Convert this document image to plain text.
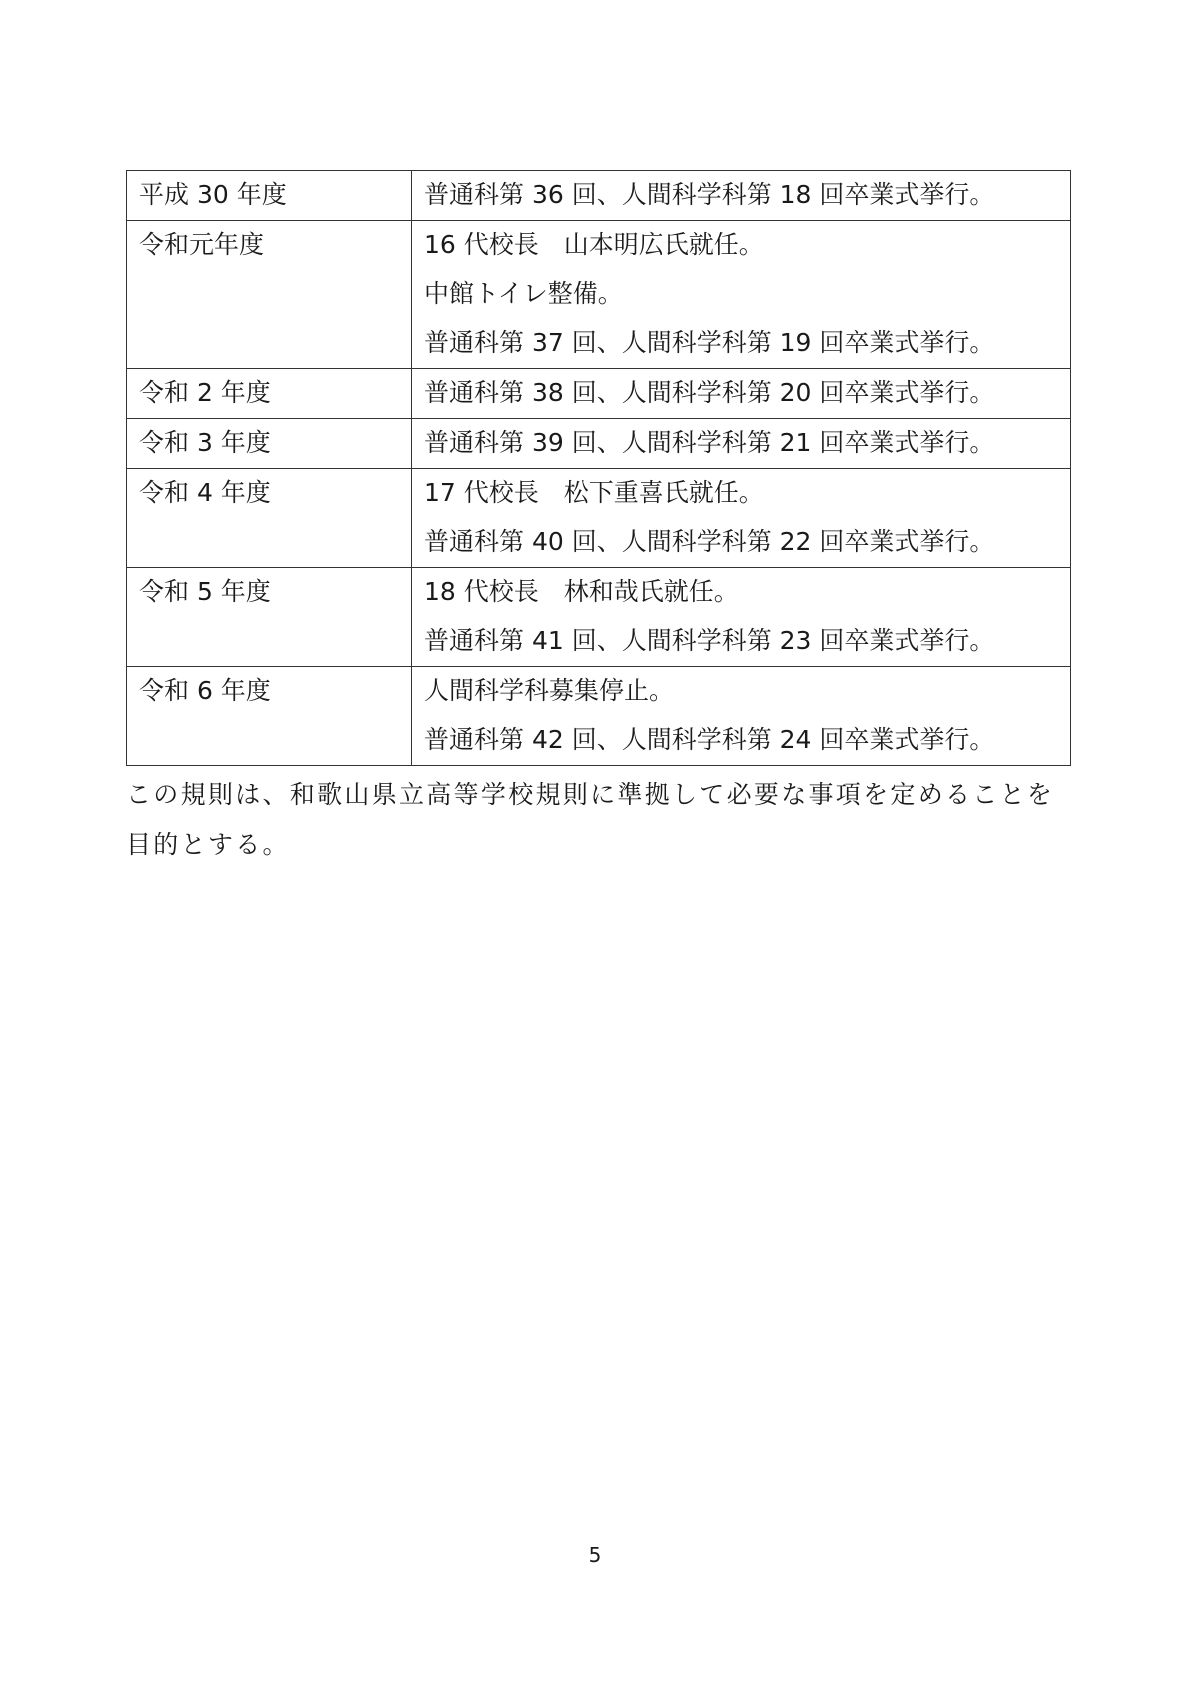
平成 30 年度	普通科第 36 回、人間科学科第 18 回卒業式挙行。

令和元年度	16 代校長　山本明広氏就任。
中館トイレ整備。
普通科第 37 回、人間科学科第 19 回卒業式挙行。

令和 2 年度	普通科第 38 回、人間科学科第 20 回卒業式挙行。

令和 3 年度	普通科第 39 回、人間科学科第 21 回卒業式挙行。

令和 4 年度	17 代校長　松下重喜氏就任。
普通科第 40 回、人間科学科第 22 回卒業式挙行。

令和 5 年度	18 代校長　林和哉氏就任。
普通科第 41 回、人間科学科第 23 回卒業式挙行。

令和 6 年度	人間科学科募集停止。
普通科第 42 回、人間科学科第 24 回卒業式挙行。

この規則は、和歌山県立高等学校規則に準拠して必要な事項を定めることを目的とする。

5
